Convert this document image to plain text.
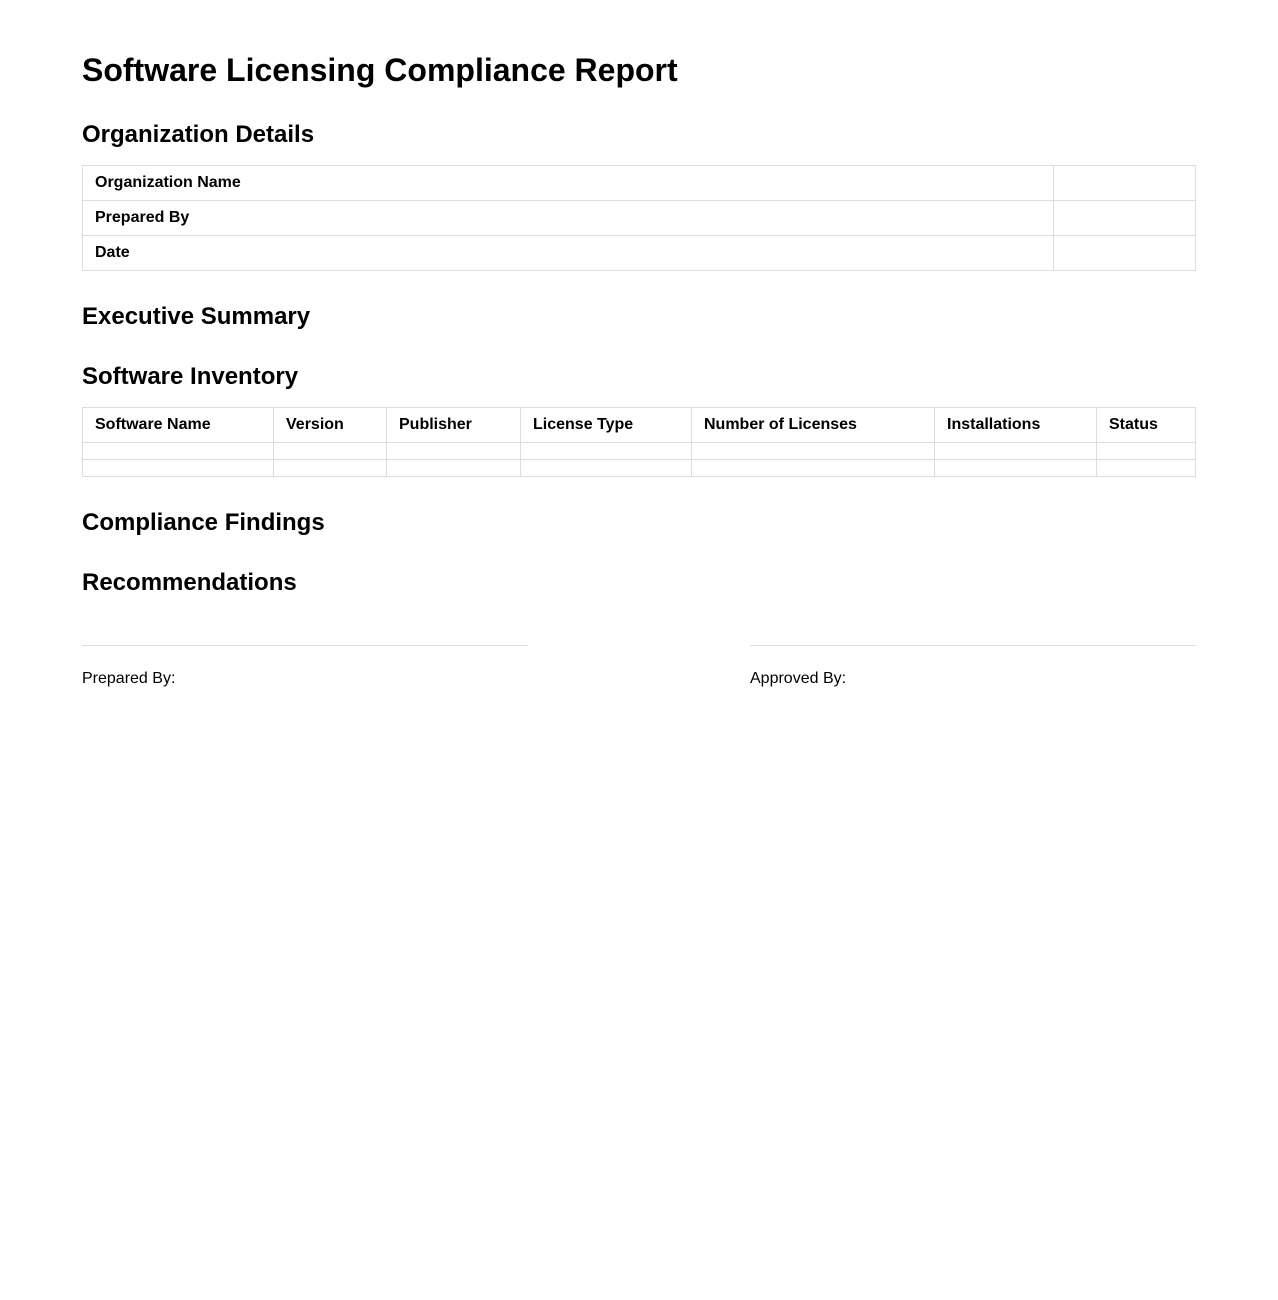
Software Licensing Compliance Report
Organization Details
Organization Name	
Prepared By	
Date	
Executive Summary
Software Inventory
Software Name	Version	Publisher	License Type	Number of Licenses	Installations	Status

Compliance Findings
Recommendations
Prepared By:	Approved By:
